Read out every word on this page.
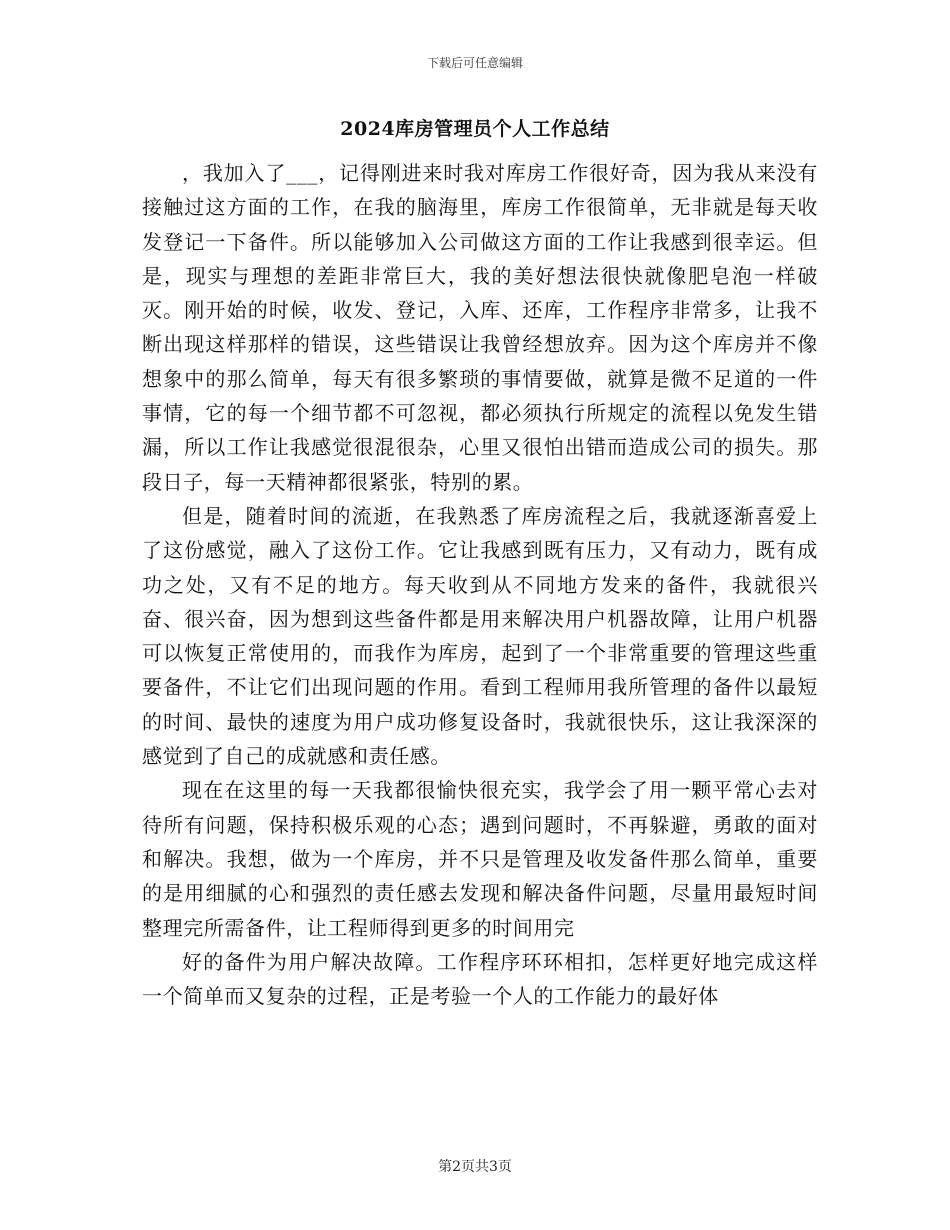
下载后可任意编辑
2024库房管理员个人工作总结

，我加入了___，记得刚进来时我对库房工作很好奇，因为我从来没有接触过这方面的工作，在我的脑海里，库房工作很简单，无非就是每天收发登记一下备件。所以能够加入公司做这方面的工作让我感到很幸运。但是，现实与理想的差距非常巨大，我的美好想法很快就像肥皂泡一样破灭。刚开始的时候，收发、登记，入库、还库，工作程序非常多，让我不断出现这样那样的错误，这些错误让我曾经想放弃。因为这个库房并不像想象中的那么简单，每天有很多繁琐的事情要做，就算是微不足道的一件事情，它的每一个细节都不可忽视，都必须执行所规定的流程以免发生错漏，所以工作让我感觉很混很杂，心里又很怕出错而造成公司的损失。那段日子，每一天精神都很紧张，特别的累。

但是，随着时间的流逝，在我熟悉了库房流程之后，我就逐渐喜爱上了这份感觉，融入了这份工作。它让我感到既有压力，又有动力，既有成功之处，又有不足的地方。每天收到从不同地方发来的备件，我就很兴奋、很兴奋，因为想到这些备件都是用来解决用户机器故障，让用户机器可以恢复正常使用的，而我作为库房，起到了一个非常重要的管理这些重要备件，不让它们出现问题的作用。看到工程师用我所管理的备件以最短的时间、最快的速度为用户成功修复设备时，我就很快乐，这让我深深的感觉到了自己的成就感和责任感。

现在在这里的每一天我都很愉快很充实，我学会了用一颗平常心去对待所有问题，保持积极乐观的心态；遇到问题时，不再躲避，勇敢的面对和解决。我想，做为一个库房，并不只是管理及收发备件那么简单，重要的是用细腻的心和强烈的责任感去发现和解决备件问题，尽量用最短时间整理完所需备件，让工程师得到更多的时间用完

好的备件为用户解决故障。工作程序环环相扣，怎样更好地完成这样一个简单而又复杂的过程，正是考验一个人的工作能力的最好体

第2页共3页
